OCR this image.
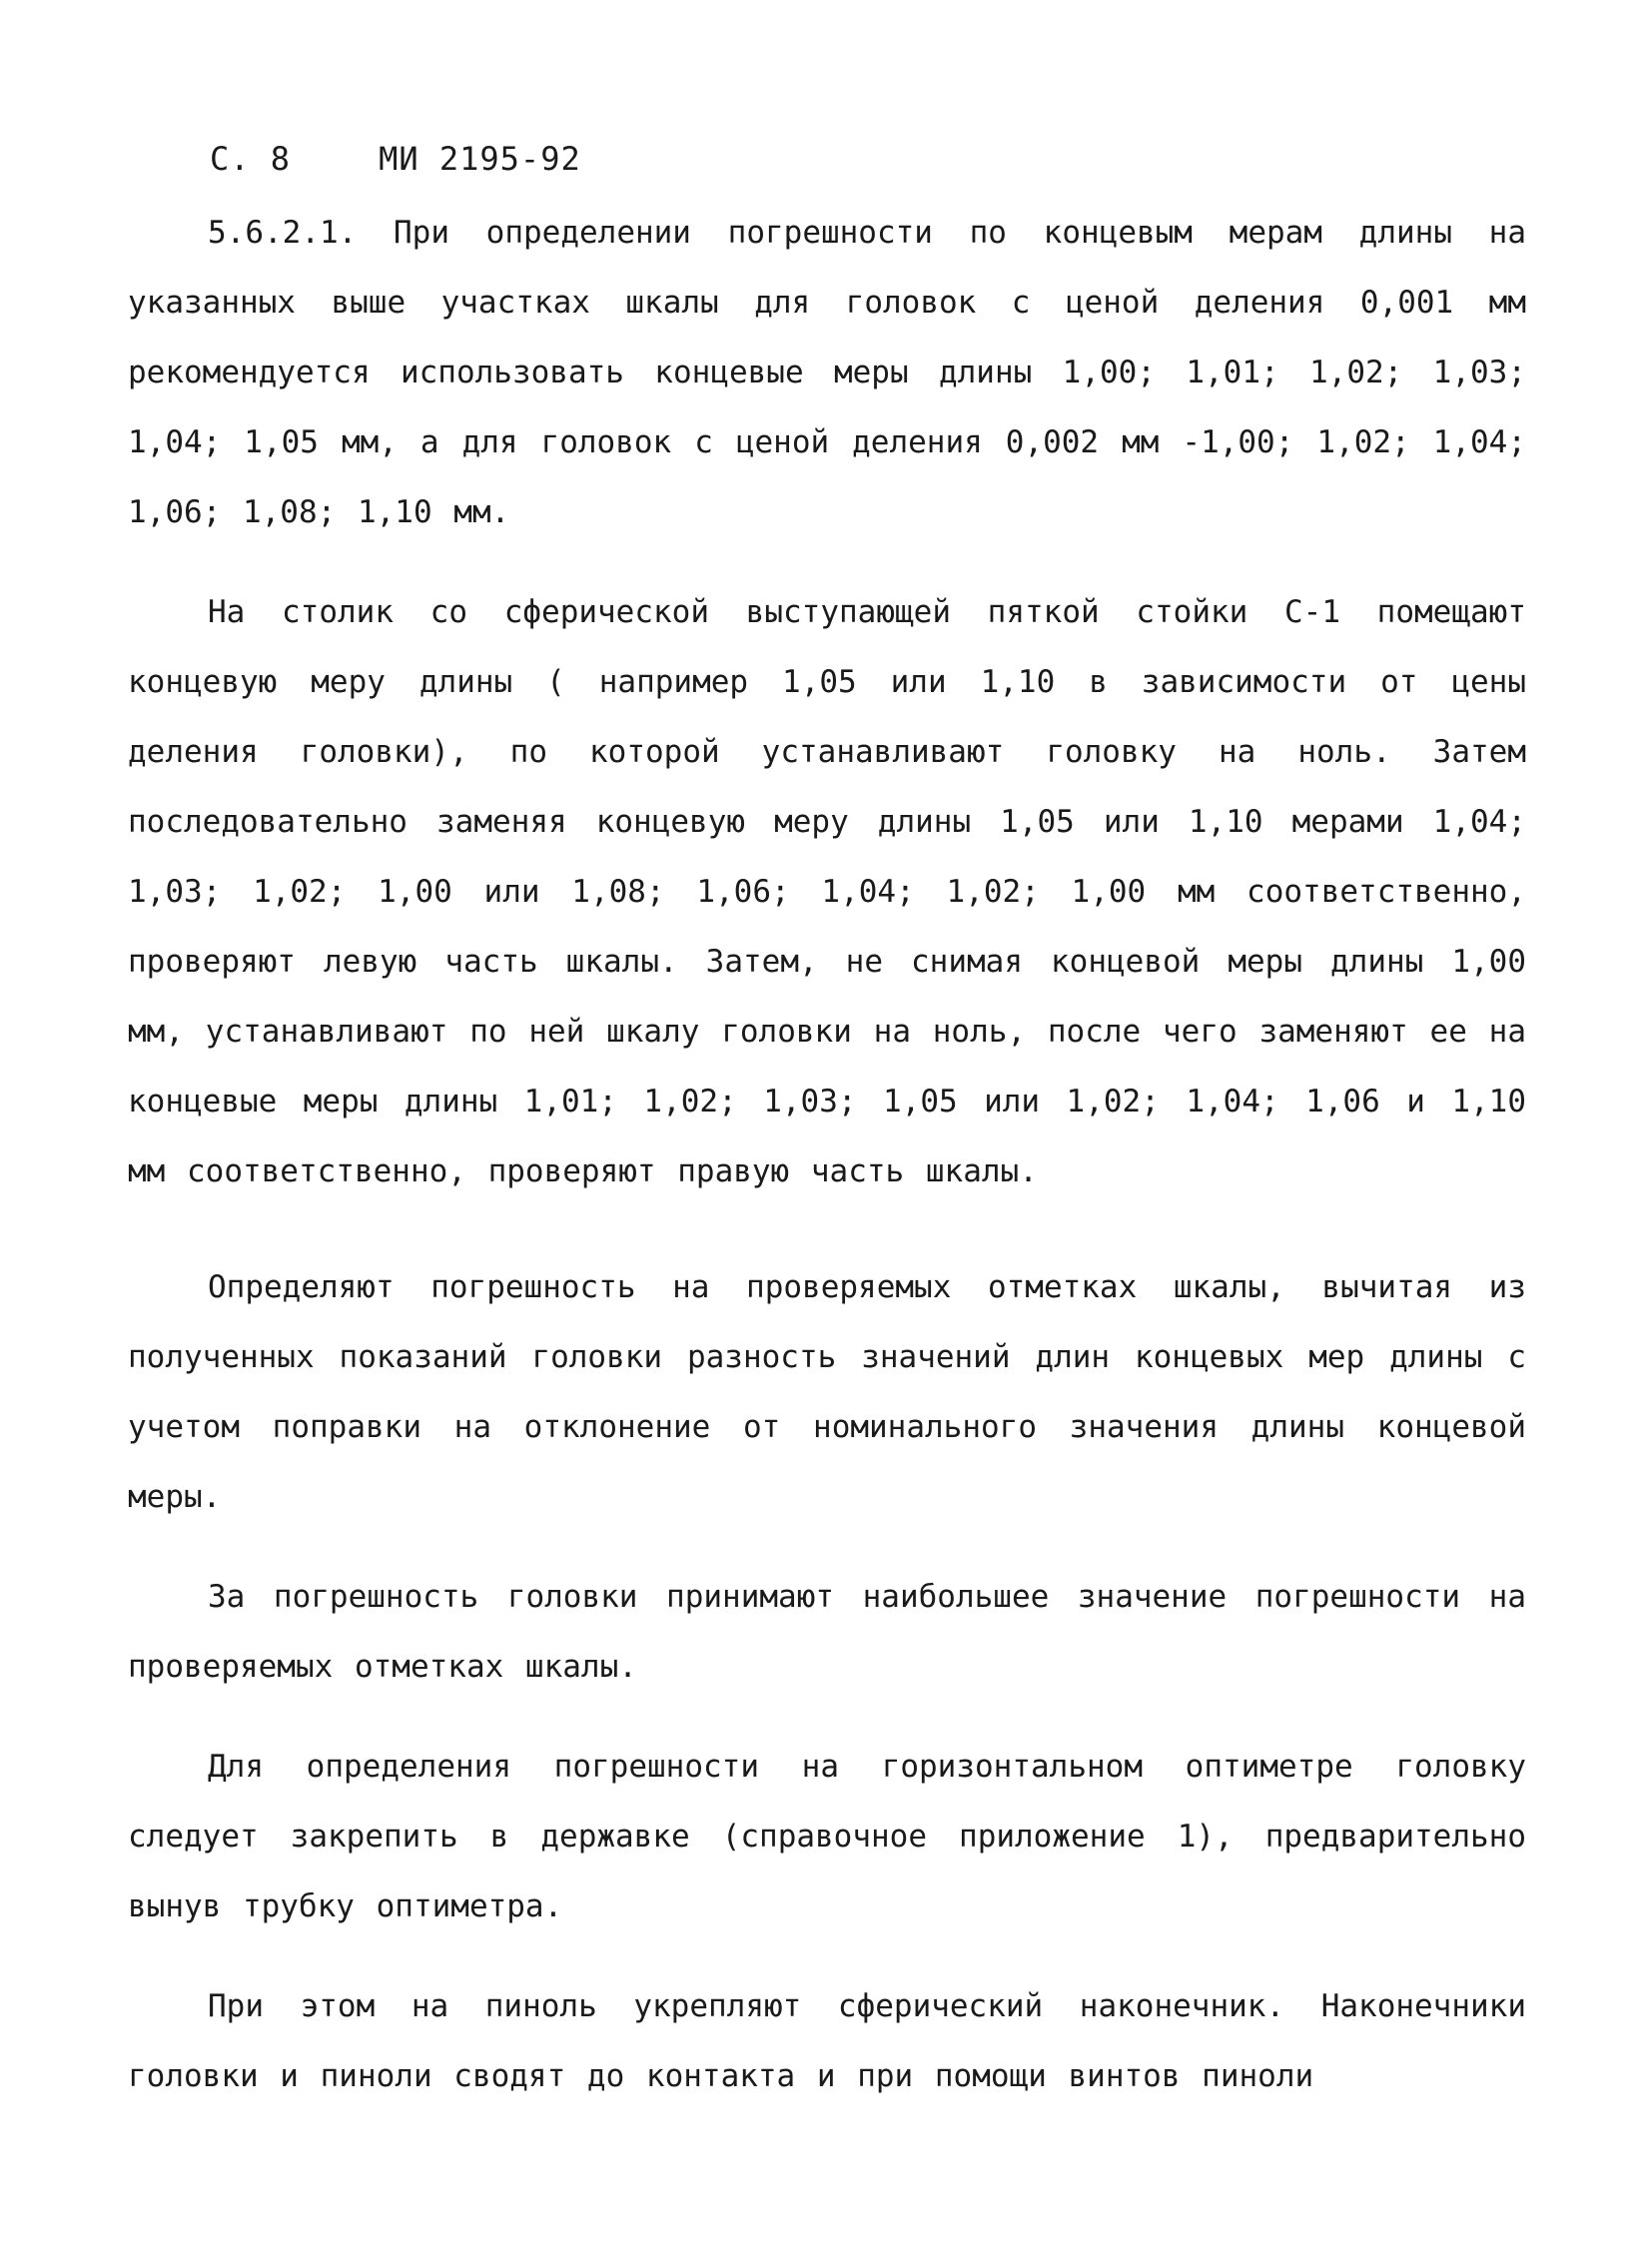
С. 8	МИ 2195-92

5.6.2.1. При определении погрешности по концевым мерам длины на указанных выше участках шкалы для головок с ценой деления 0,001 мм рекомендуется использовать концевые меры длины 1,00; 1,01; 1,02; 1,03; 1,04; 1,05 мм, а для головок с ценой деления 0,002 мм -1,00; 1,02; 1,04; 1,06; 1,08; 1,10 мм.

На столик со сферической выступающей пяткой стойки С-1 помещают концевую меру длины ( например 1,05 или 1,10 в зависимости от цены деления головки), по которой устанавливают головку на ноль. Затем последовательно заменяя концевую меру длины 1,05 или 1,10 мерами 1,04; 1,03; 1,02; 1,00 или 1,08; 1,06; 1,04; 1,02; 1,00 мм соответственно, проверяют левую часть шкалы. Затем, не снимая концевой меры длины 1,00 мм, устанавливают по ней шкалу головки на ноль, после чего заменяют ее на концевые меры длины 1,01; 1,02; 1,03; 1,05 или 1,02; 1,04; 1,06 и 1,10 мм соответственно, проверяют правую часть шкалы.

Определяют погрешность на проверяемых отметках шкалы, вычитая из полученных показаний головки разность значений длин концевых мер длины с учетом поправки на отклонение от номинального значения длины концевой меры.

За погрешность головки принимают наибольшее значение погрешности на проверяемых отметках шкалы.

Для определения погрешности на горизонтальном оптиметре головку следует закрепить в державке (справочное приложение 1), предварительно вынув трубку оптиметра.

При этом на пиноль укрепляют сферический наконечник. Наконечники головки и пиноли сводят до контакта и при помощи винтов пиноли
